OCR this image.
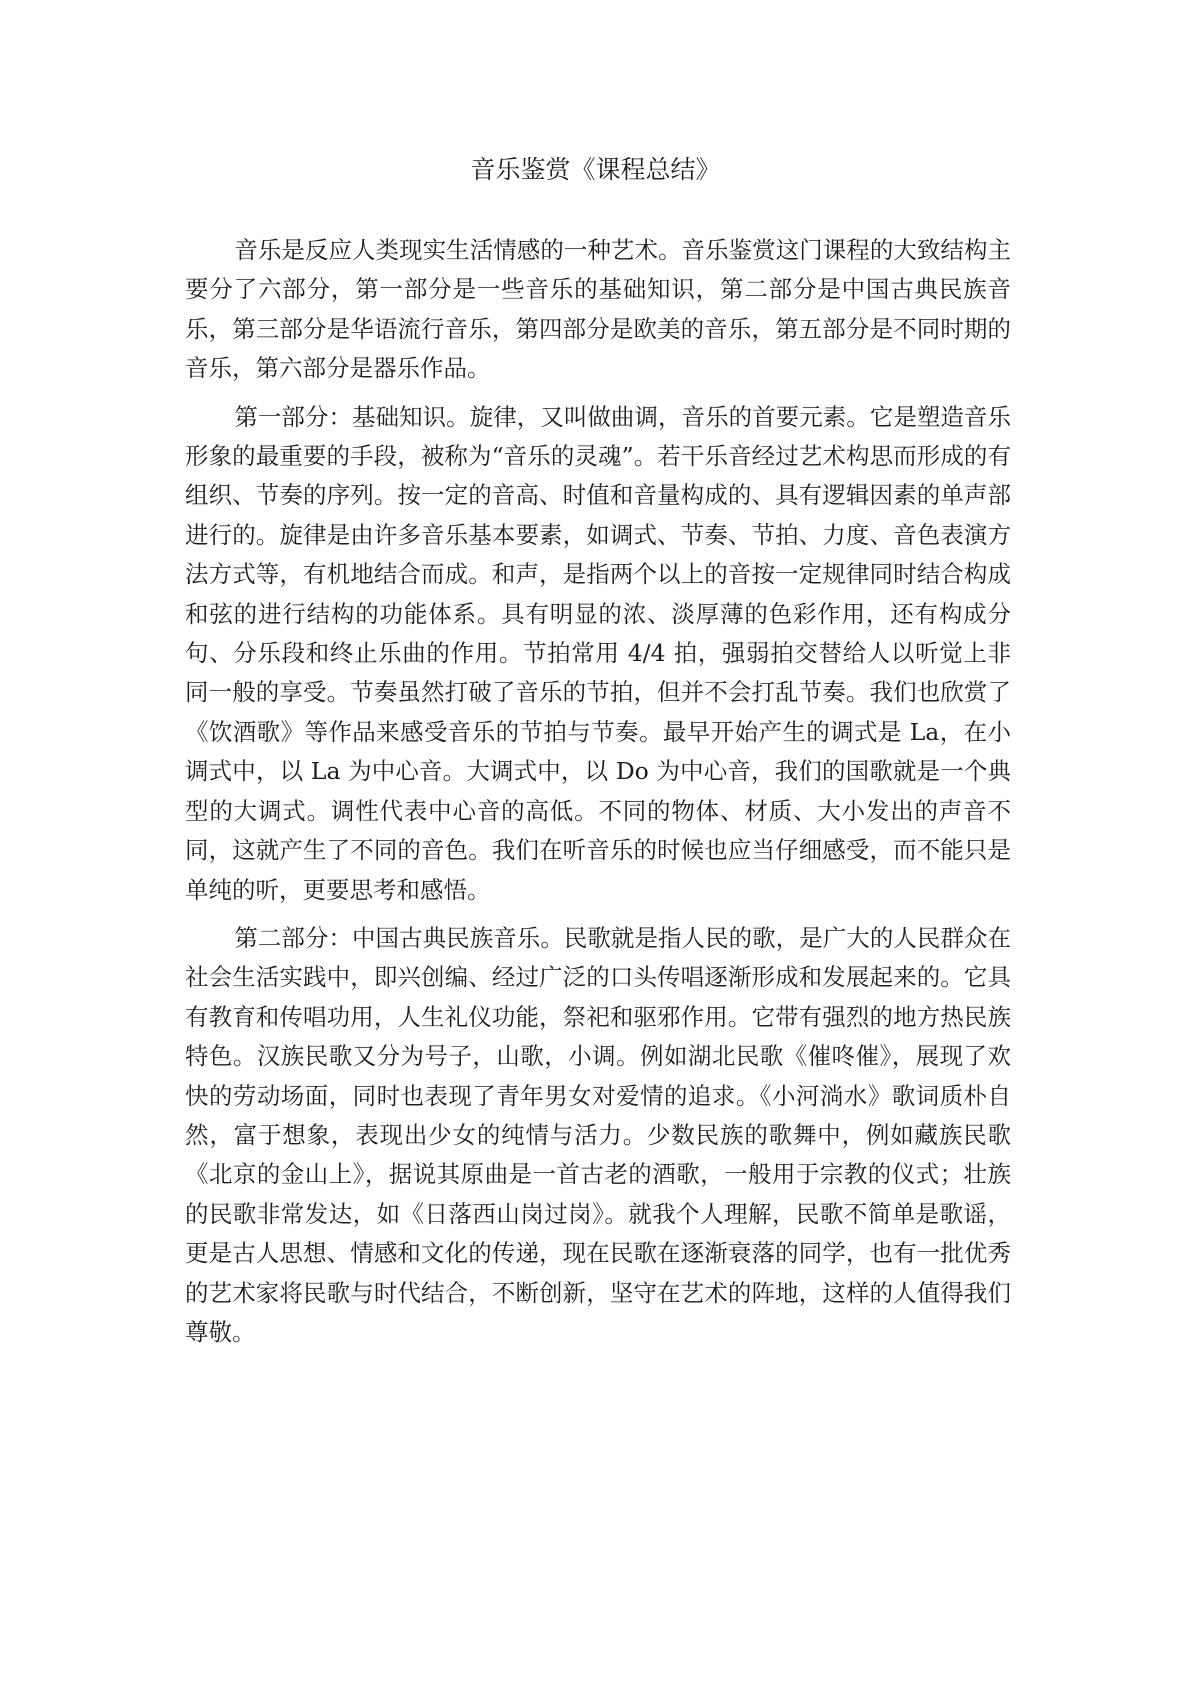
音乐鉴赏《课程总结》

音乐是反应人类现实生活情感的一种艺术。音乐鉴赏这门课程的大致结构主要分了六部分，第一部分是一些音乐的基础知识，第二部分是中国古典民族音乐，第三部分是华语流行音乐，第四部分是欧美的音乐，第五部分是不同时期的音乐，第六部分是器乐作品。

第一部分：基础知识。旋律，又叫做曲调，音乐的首要元素。它是塑造音乐形象的最重要的手段，被称为“音乐的灵魂”。若干乐音经过艺术构思而形成的有组织、节奏的序列。按一定的音高、时值和音量构成的、具有逻辑因素的单声部进行的。旋律是由许多音乐基本要素，如调式、节奏、节拍、力度、音色表演方法方式等，有机地结合而成。和声，是指两个以上的音按一定规律同时结合构成和弦的进行结构的功能体系。具有明显的浓、淡厚薄的色彩作用，还有构成分句、分乐段和终止乐曲的作用。节拍常用 4/4 拍，强弱拍交替给人以听觉上非同一般的享受。节奏虽然打破了音乐的节拍，但并不会打乱节奏。我们也欣赏了《饮酒歌》等作品来感受音乐的节拍与节奏。最早开始产生的调式是 La，在小调式中，以 La 为中心音。大调式中，以 Do 为中心音，我们的国歌就是一个典型的大调式。调性代表中心音的高低。不同的物体、材质、大小发出的声音不同，这就产生了不同的音色。我们在听音乐的时候也应当仔细感受，而不能只是单纯的听，更要思考和感悟。

第二部分：中国古典民族音乐。民歌就是指人民的歌，是广大的人民群众在社会生活实践中，即兴创编、经过广泛的口头传唱逐渐形成和发展起来的。它具有教育和传唱功用，人生礼仪功能，祭祀和驱邪作用。它带有强烈的地方热民族特色。汉族民歌又分为号子，山歌，小调。例如湖北民歌《催咚催》，展现了欢快的劳动场面，同时也表现了青年男女对爱情的追求。《小河淌水》歌词质朴自然，富于想象，表现出少女的纯情与活力。少数民族的歌舞中，例如藏族民歌《北京的金山上》，据说其原曲是一首古老的酒歌，一般用于宗教的仪式；壮族的民歌非常发达，如《日落西山岗过岗》。就我个人理解，民歌不简单是歌谣，更是古人思想、情感和文化的传递，现在民歌在逐渐衰落的同学，也有一批优秀的艺术家将民歌与时代结合，不断创新，坚守在艺术的阵地，这样的人值得我们尊敬。
